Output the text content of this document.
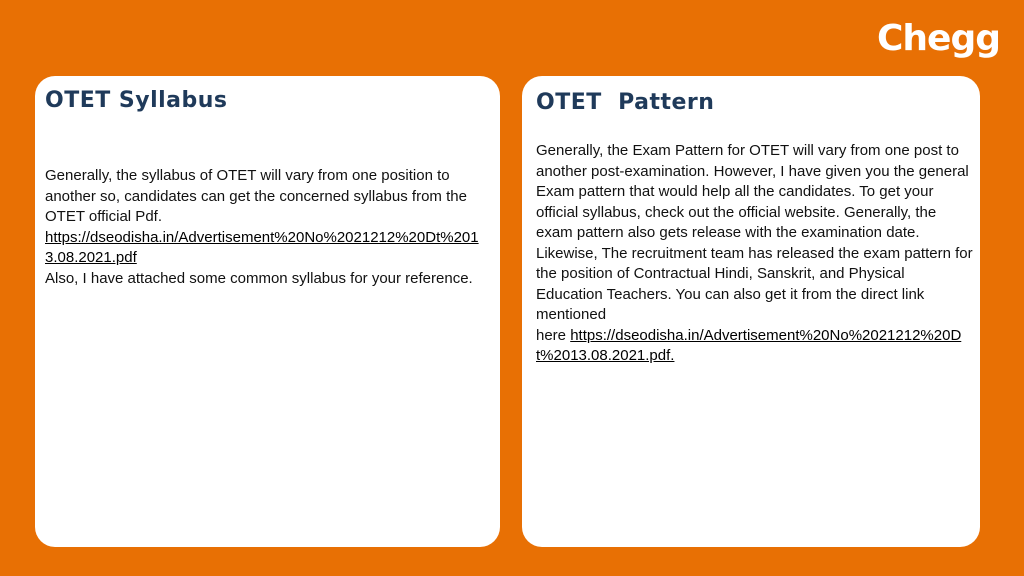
Chegg
OTET Syllabus

Generally, the syllabus of OTET will vary from one position to another so, candidates can get the concerned syllabus from the OTET official Pdf.

https://dseodisha.in/Advertisement%20No%2021212%20Dt%2013.08.2021.pdf

Also, I have attached some common syllabus for your reference.

OTET  Pattern

Generally, the Exam Pattern for OTET will vary from one post to another post-examination. However, I have given you the general Exam pattern that would help all the candidates. To get your official syllabus, check out the official website. Generally, the exam pattern also gets release with the examination date. Likewise, The recruitment team has released the exam pattern for the position of Contractual Hindi, Sanskrit, and Physical Education Teachers. You can also get it from the direct link mentioned

here https://dseodisha.in/Advertisement%20No%2021212%20Dt%2013.08.2021.pdf.
